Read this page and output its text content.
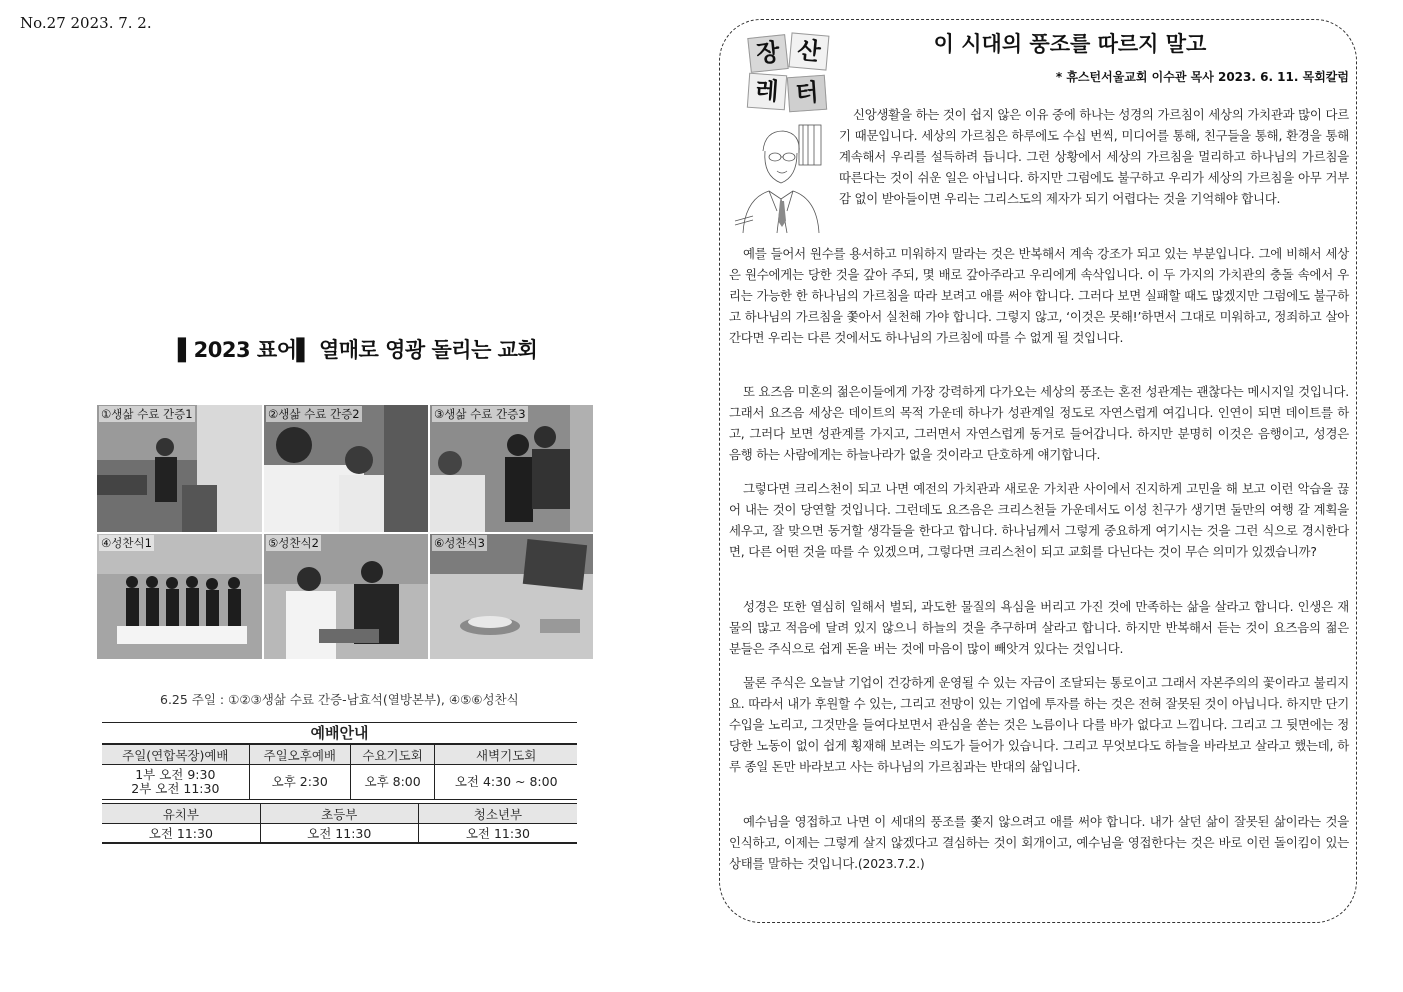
No.27 2023. 7. 2.
▌2023 표어▌ 열매로 영광 돌리는 교회
①생삶 수료 간증1	②생삶 수료 간증2	③생삶 수료 간증3
④성찬식1	⑤성찬식2	⑥성찬식3
6.25 주일 : ①②③생삶 수료 간증-남효석(열방본부), ④⑤⑥성찬식
예배안내
주일(연합목장)예배	주일오후예배	수요기도회	새벽기도회

1부 오전 9:30
2부 오전 11:30	오후 2:30	오후 8:00	오전 4:30 ~ 8:00
유치부	초등부	청소년부
오전 11:30	오전 11:30	오전 11:30
장 산
레 터
이 시대의 풍조를 따르지 말고
* 휴스턴서울교회 이수관 목사 2023. 6. 11. 목회칼럼
신앙생활을 하는 것이 쉽지 않은 이유 중에 하나는 성경의 가르침이 세상의 가치관과 많이 다르기 때문입니다. 세상의 가르침은 하루에도 수십 번씩, 미디어를 통해, 친구들을 통해, 환경을 통해 계속해서 우리를 설득하려 듭니다. 그런 상황에서 세상의 가르침을 멀리하고 하나님의 가르침을 따른다는 것이 쉬운 일은 아닙니다. 하지만 그럼에도 불구하고 우리가 세상의 가르침을 아무 거부감 없이 받아들이면 우리는 그리스도의 제자가 되기 어렵다는 것을 기억해야 합니다.
예를 들어서 원수를 용서하고 미워하지 말라는 것은 반복해서 계속 강조가 되고 있는 부분입니다. 그에 비해서 세상은 원수에게는 당한 것을 갚아 주되, 몇 배로 갚아주라고 우리에게 속삭입니다. 이 두 가지의 가치관의 충돌 속에서 우리는 가능한 한 하나님의 가르침을 따라 보려고 애를 써야 합니다. 그러다 보면 실패할 때도 많겠지만 그럼에도 불구하고 하나님의 가르침을 쫓아서 실천해 가야 합니다. 그렇지 않고, ‘이것은 못해!’하면서 그대로 미워하고, 정죄하고 살아간다면 우리는 다른 것에서도 하나님의 가르침에 따를 수 없게 될 것입니다.
또 요즈음 미혼의 젊은이들에게 가장 강력하게 다가오는 세상의 풍조는 혼전 성관계는 괜찮다는 메시지일 것입니다. 그래서 요즈음 세상은 데이트의 목적 가운데 하나가 성관계일 정도로 자연스럽게 여깁니다. 인연이 되면 데이트를 하고, 그러다 보면 성관계를 가지고, 그러면서 자연스럽게 동거로 들어갑니다. 하지만 분명히 이것은 음행이고, 성경은 음행 하는 사람에게는 하늘나라가 없을 것이라고 단호하게 얘기합니다.
그렇다면 크리스천이 되고 나면 예전의 가치관과 새로운 가치관 사이에서 진지하게 고민을 해 보고 이런 악습을 끊어 내는 것이 당연할 것입니다. 그런데도 요즈음은 크리스천들 가운데서도 이성 친구가 생기면 둘만의 여행 갈 계획을 세우고, 잘 맞으면 동거할 생각들을 한다고 합니다. 하나님께서 그렇게 중요하게 여기시는 것을 그런 식으로 경시한다면, 다른 어떤 것을 따를 수 있겠으며, 그렇다면 크리스천이 되고 교회를 다닌다는 것이 무슨 의미가 있겠습니까?
성경은 또한 열심히 일해서 벌되, 과도한 물질의 욕심을 버리고 가진 것에 만족하는 삶을 살라고 합니다. 인생은 재물의 많고 적음에 달려 있지 않으니 하늘의 것을 추구하며 살라고 합니다. 하지만 반복해서 듣는 것이 요즈음의 젊은 분들은 주식으로 쉽게 돈을 버는 것에 마음이 많이 빼앗겨 있다는 것입니다.
물론 주식은 오늘날 기업이 건강하게 운영될 수 있는 자금이 조달되는 통로이고 그래서 자본주의의 꽃이라고 불리지요. 따라서 내가 후원할 수 있는, 그리고 전망이 있는 기업에 투자를 하는 것은 전혀 잘못된 것이 아닙니다. 하지만 단기 수입을 노리고, 그것만을 들여다보면서 관심을 쏟는 것은 노름이나 다를 바가 없다고 느낍니다. 그리고 그 뒷면에는 정당한 노동이 없이 쉽게 횡재해 보려는 의도가 들어가 있습니다. 그리고 무엇보다도 하늘을 바라보고 살라고 했는데, 하루 종일 돈만 바라보고 사는 하나님의 가르침과는 반대의 삶입니다.
예수님을 영접하고 나면 이 세대의 풍조를 쫓지 않으려고 애를 써야 합니다. 내가 살던 삶이 잘못된 삶이라는 것을 인식하고, 이제는 그렇게 살지 않겠다고 결심하는 것이 회개이고, 예수님을 영접한다는 것은 바로 이런 돌이킴이 있는 상태를 말하는 것입니다.(2023.7.2.)
